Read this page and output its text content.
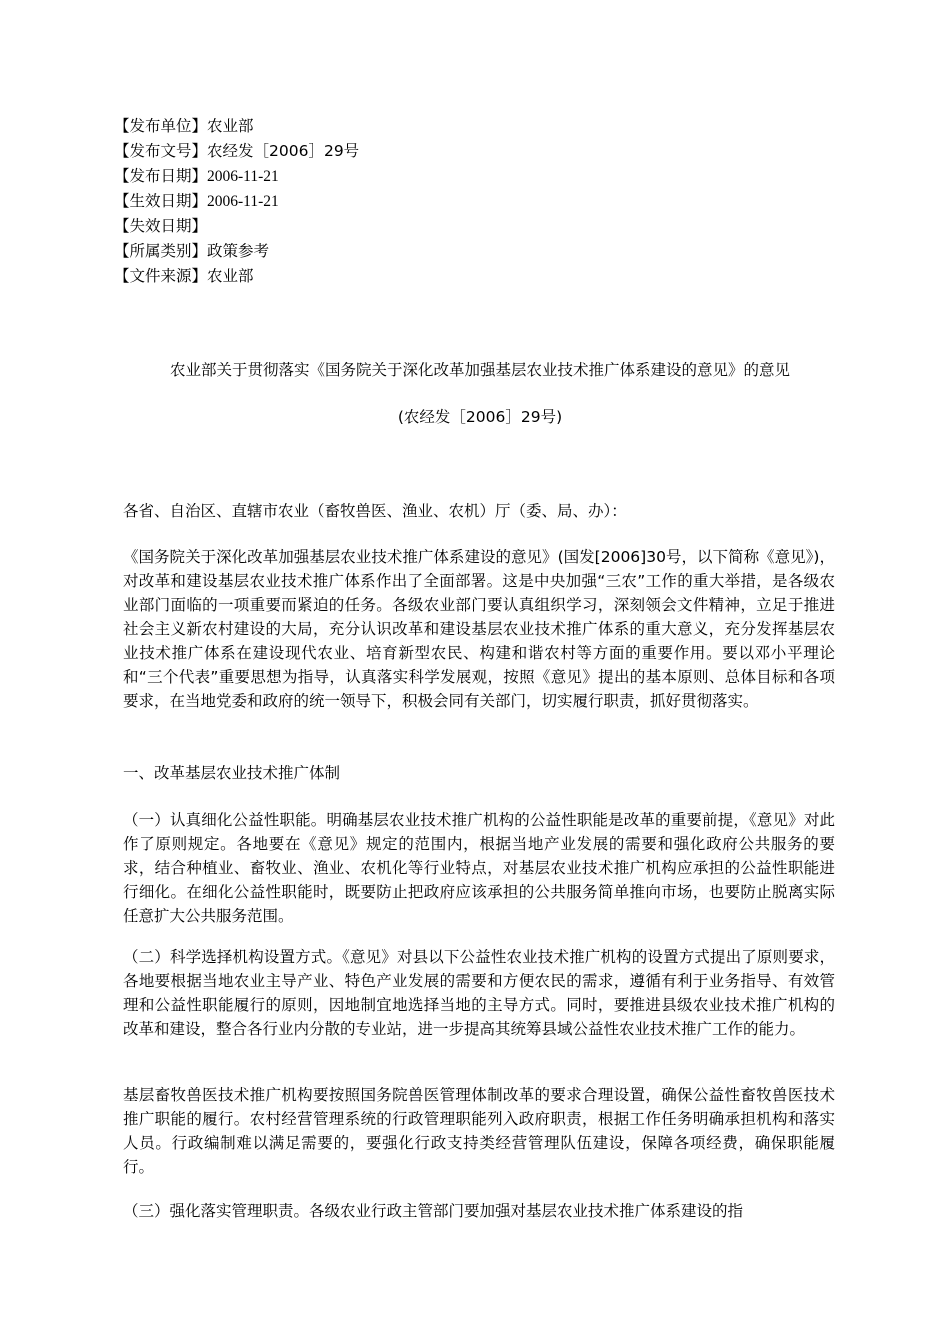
【发布单位】农业部
【发布文号】农经发［2006］29号
【发布日期】2006-11-21
【生效日期】2006-11-21
【失效日期】
【所属类别】政策参考
【文件来源】农业部
农业部关于贯彻落实《国务院关于深化改革加强基层农业技术推广体系建设的意见》的意见
(农经发［2006］29号)

各省、自治区、直辖市农业（畜牧兽医、渔业、农机）厅（委、局、办）：

《国务院关于深化改革加强基层农业技术推广体系建设的意见》(国发[2006]30号，以下简称《意见》)，对改革和建设基层农业技术推广体系作出了全面部署。这是中央加强“三农”工作的重大举措，是各级农业部门面临的一项重要而紧迫的任务。各级农业部门要认真组织学习，深刻领会文件精神，立足于推进社会主义新农村建设的大局，充分认识改革和建设基层农业技术推广体系的重大意义，充分发挥基层农业技术推广体系在建设现代农业、培育新型农民、构建和谐农村等方面的重要作用。要以邓小平理论和“三个代表”重要思想为指导，认真落实科学发展观，按照《意见》提出的基本原则、总体目标和各项要求，在当地党委和政府的统一领导下，积极会同有关部门，切实履行职责，抓好贯彻落实。

一、改革基层农业技术推广体制

（一）认真细化公益性职能。明确基层农业技术推广机构的公益性职能是改革的重要前提，《意见》对此作了原则规定。各地要在《意见》规定的范围内，根据当地产业发展的需要和强化政府公共服务的要求，结合种植业、畜牧业、渔业、农机化等行业特点，对基层农业技术推广机构应承担的公益性职能进行细化。在细化公益性职能时，既要防止把政府应该承担的公共服务简单推向市场，也要防止脱离实际任意扩大公共服务范围。

（二）科学选择机构设置方式。《意见》对县以下公益性农业技术推广机构的设置方式提出了原则要求，各地要根据当地农业主导产业、特色产业发展的需要和方便农民的需求，遵循有利于业务指导、有效管理和公益性职能履行的原则，因地制宜地选择当地的主导方式。同时，要推进县级农业技术推广机构的改革和建设，整合各行业内分散的专业站，进一步提高其统筹县域公益性农业技术推广工作的能力。

基层畜牧兽医技术推广机构要按照国务院兽医管理体制改革的要求合理设置，确保公益性畜牧兽医技术推广职能的履行。农村经营管理系统的行政管理职能列入政府职责，根据工作任务明确承担机构和落实人员。行政编制难以满足需要的，要强化行政支持类经营管理队伍建设，保障各项经费，确保职能履行。

（三）强化落实管理职责。各级农业行政主管部门要加强对基层农业技术推广体系建设的指
